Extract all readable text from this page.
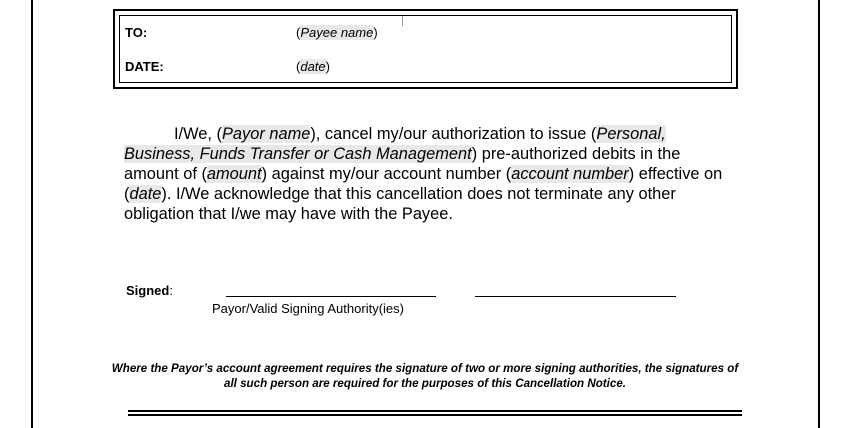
TO:	(Payee name)
DATE:	(date)

I/We, (Payor name), cancel my/our authorization to issue (Personal, Business, Funds Transfer or Cash Management) pre-authorized debits in the amount of (amount) against my/our account number (account number) effective on (date). I/We acknowledge that this cancellation does not terminate any other obligation that I/we may have with the Payee.

Signed:
Payor/Valid Signing Authority(ies)

Where the Payor’s account agreement requires the signature of two or more signing authorities, the signatures of all such person are required for the purposes of this Cancellation Notice.
